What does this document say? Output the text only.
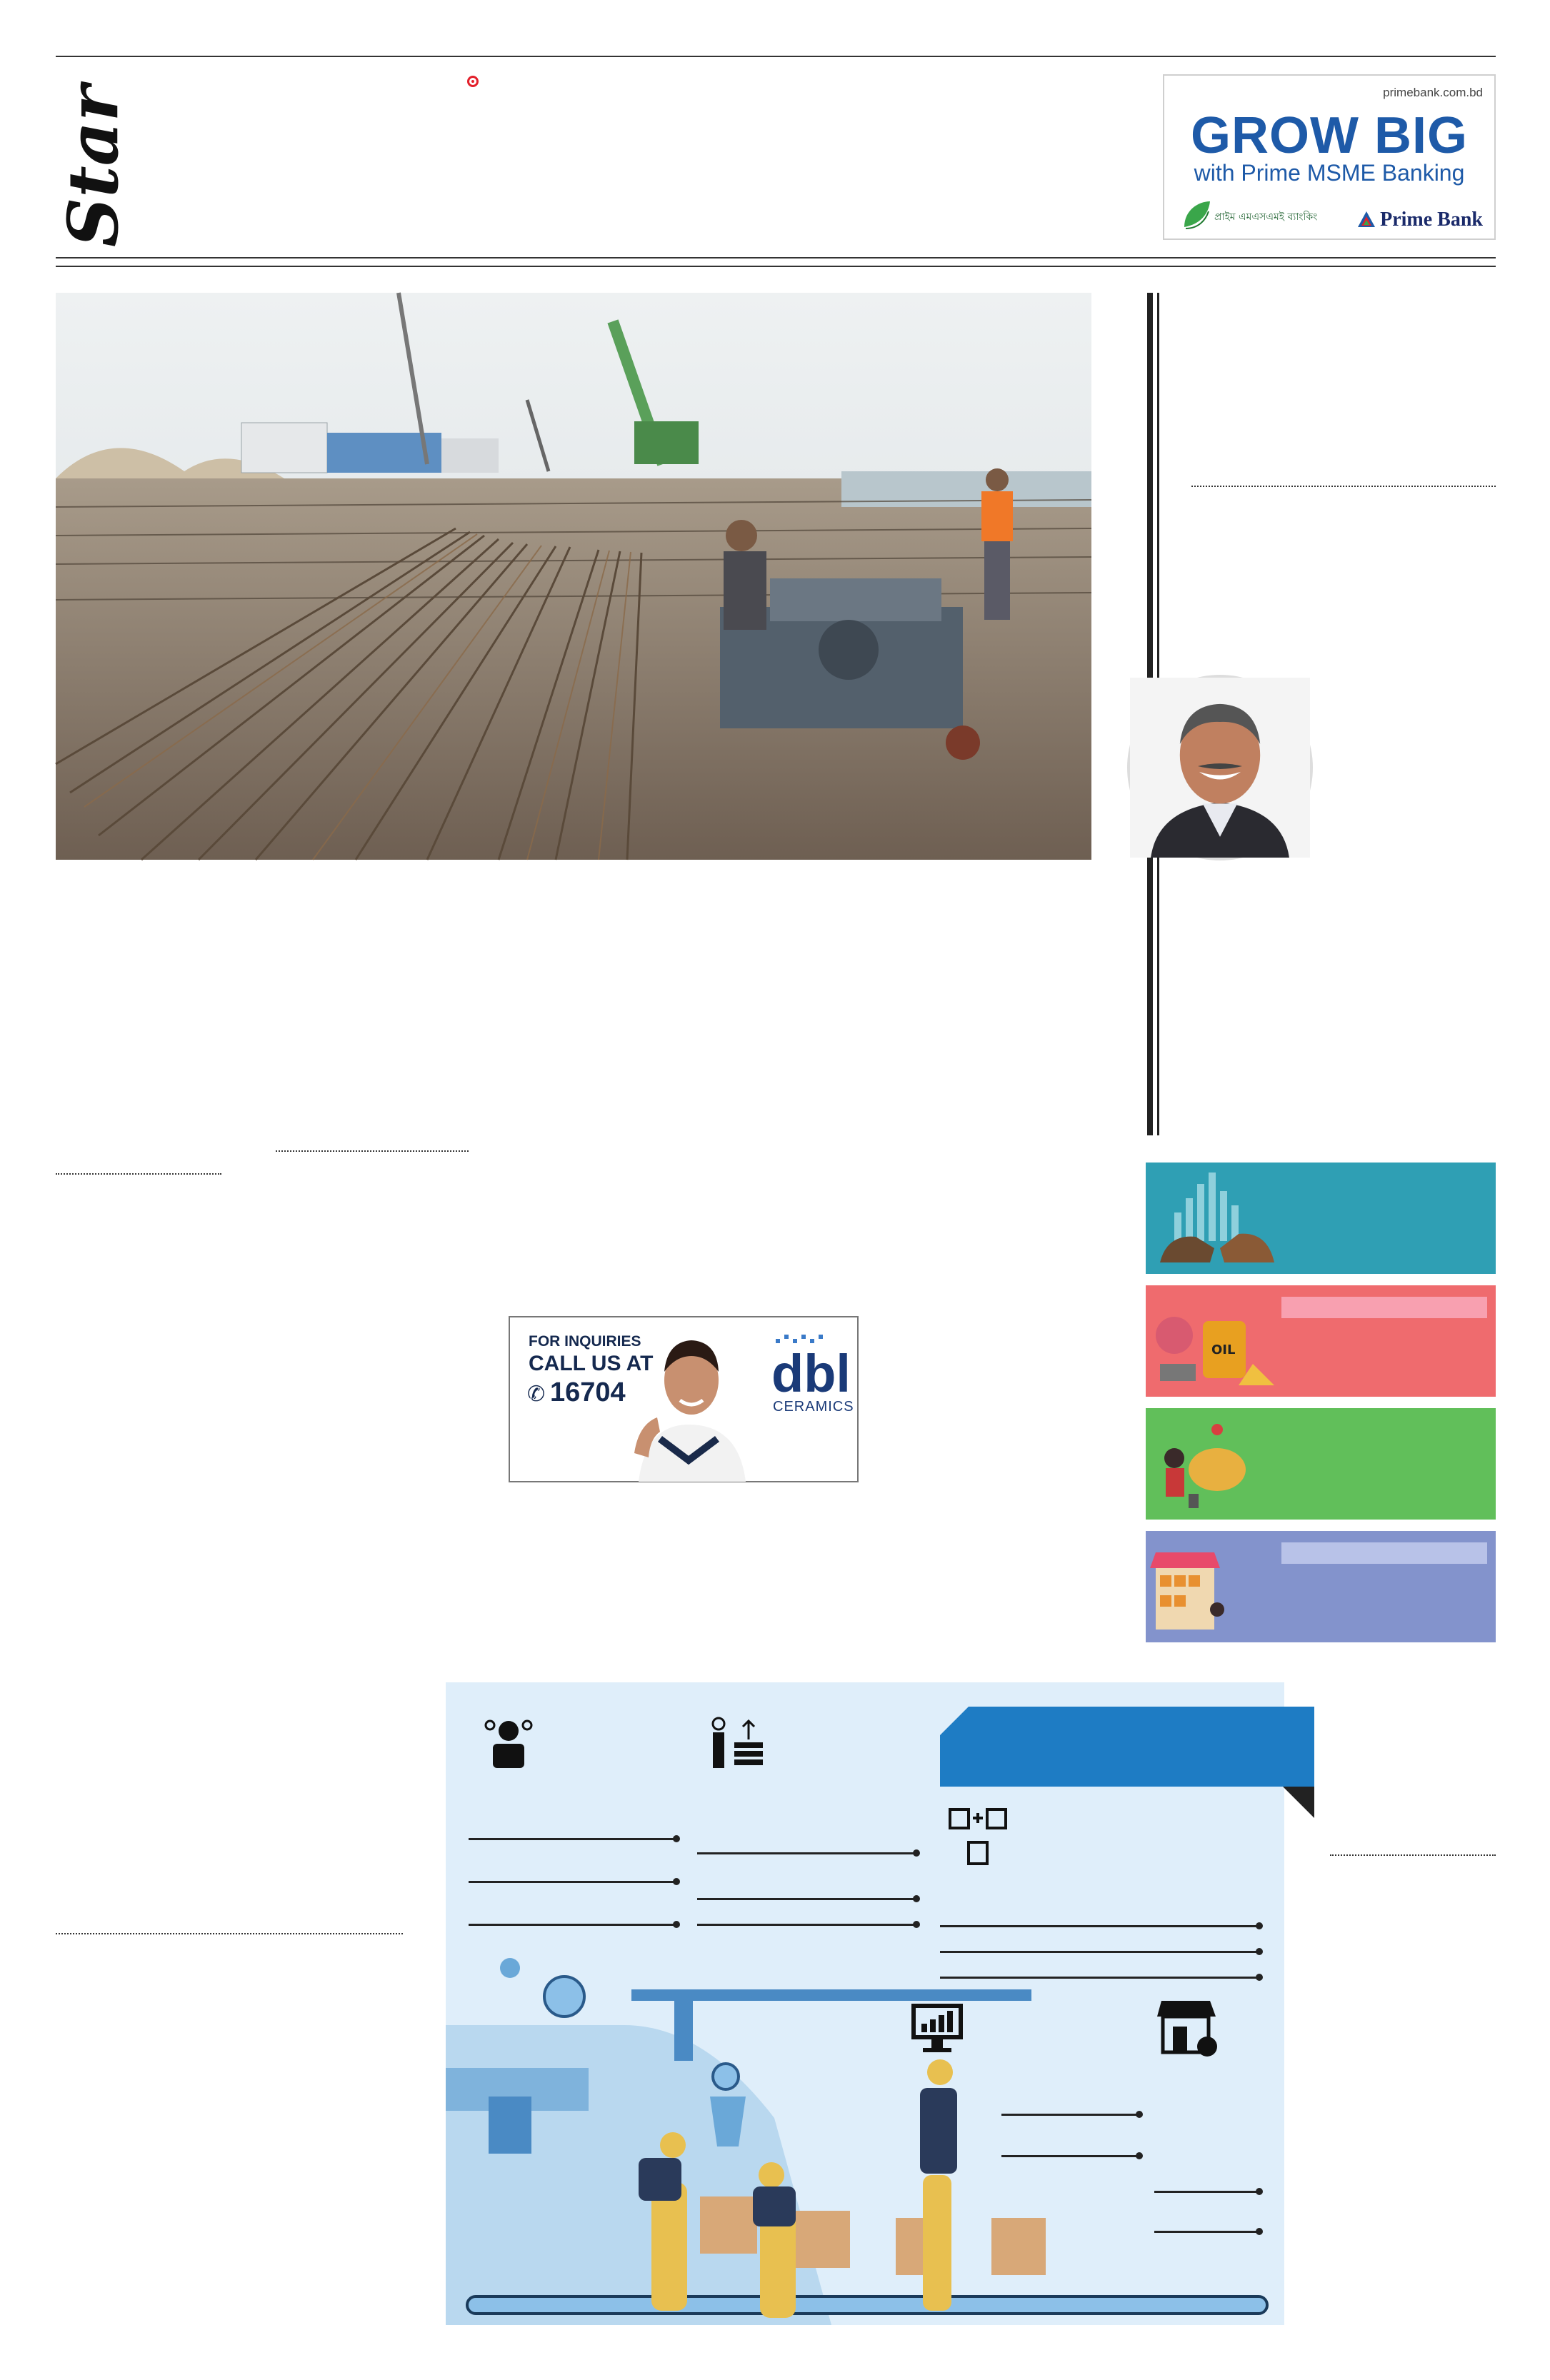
Star	primebank.com.bd
GROW BIG
with Prime MSME Banking
প্রাইম এমএসএমই ব্যাংকিং	Prime Bank
OIL
FOR INQUIRIES
CALL US AT
✆ 16704	dbl
CERAMICS
